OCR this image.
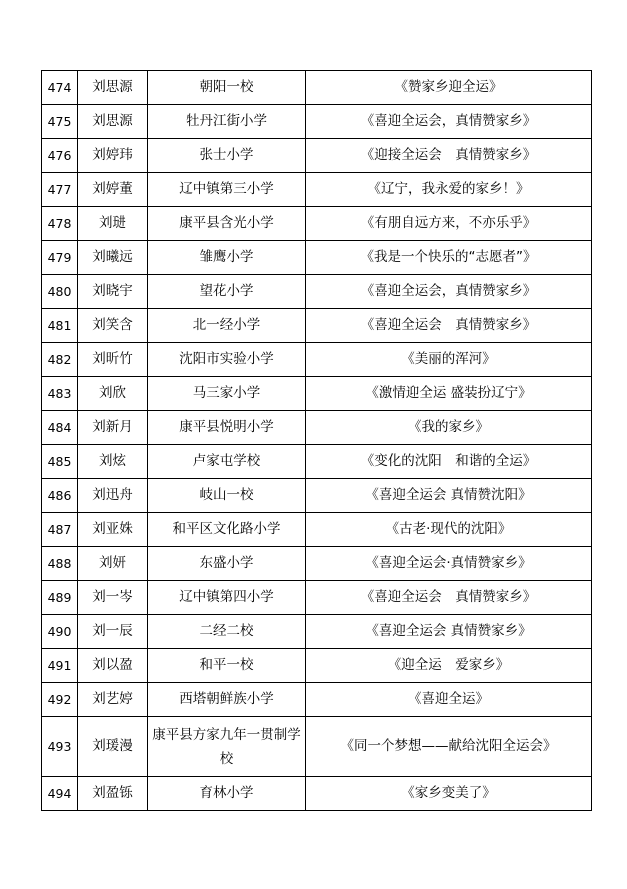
474	刘思源	朝阳一校	《赞家乡迎全运》
475	刘思源	牡丹江街小学	《喜迎全运会，真情赞家乡》
476	刘婷玮	张士小学	《迎接全运会　真情赞家乡》
477	刘婷董	辽中镇第三小学	《辽宁，我永爱的家乡！》
478	刘琎	康平县含光小学	《有朋自远方来，不亦乐乎》
479	刘曦远	雏鹰小学	《我是一个快乐的“志愿者”》
480	刘晓宇	望花小学	《喜迎全运会，真情赞家乡》
481	刘笑含	北一经小学	《喜迎全运会　真情赞家乡》
482	刘昕竹	沈阳市实验小学	《美丽的浑河》
483	刘欣	马三家小学	《激情迎全运 盛装扮辽宁》
484	刘新月	康平县悦明小学	《我的家乡》
485	刘炫	卢家屯学校	《变化的沈阳　和谐的全运》
486	刘迅舟	岐山一校	《喜迎全运会 真情赞沈阳》
487	刘亚姝	和平区文化路小学	《古老·现代的沈阳》
488	刘妍	东盛小学	《喜迎全运会·真情赞家乡》
489	刘一岑	辽中镇第四小学	《喜迎全运会　真情赞家乡》
490	刘一辰	二经二校	《喜迎全运会 真情赞家乡》
491	刘以盈	和平一校	《迎全运　爱家乡》
492	刘艺婷	西塔朝鲜族小学	《喜迎全运》
493	刘瑗漫	康平县方家九年一贯制学校	《同一个梦想——献给沈阳全运会》
494	刘盈铄	育林小学	《家乡变美了》
